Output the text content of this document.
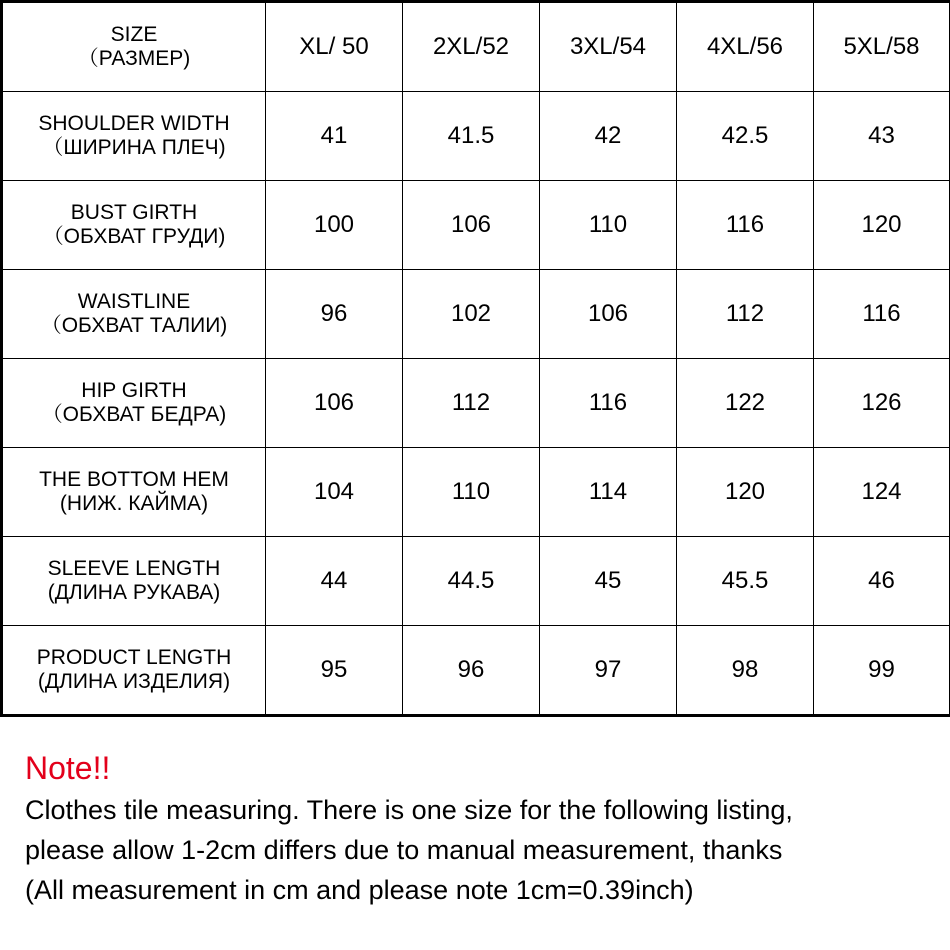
SIZE
（РАЗМЕР)	XL/ 50	2XL/52	3XL/54	4XL/56	5XL/58

SHOULDER WIDTH
（ШИРИНА ПЛЕЧ)	41	41.5	42	42.5	43

BUST GIRTH
（ОБХВАТ ГРУДИ)	100	106	110	116	120

WAISTLINE
（ОБХВАТ ТАЛИИ)	96	102	106	112	116

HIP GIRTH
（ОБХВАТ БЕДРА)	106	112	116	122	126

THE BOTTOM HEM
(НИЖ. КАЙМА)	104	110	114	120	124

SLEEVE LENGTH
(ДЛИНА РУКАВА)	44	44.5	45	45.5	46

PRODUCT LENGTH
(ДЛИНА ИЗДЕЛИЯ)	95	96	97	98	99

Note!!

Clothes tile measuring. There is one size for the following listing,

please allow 1-2cm differs due to manual measurement, thanks

(All measurement in cm and please note 1cm=0.39inch)
